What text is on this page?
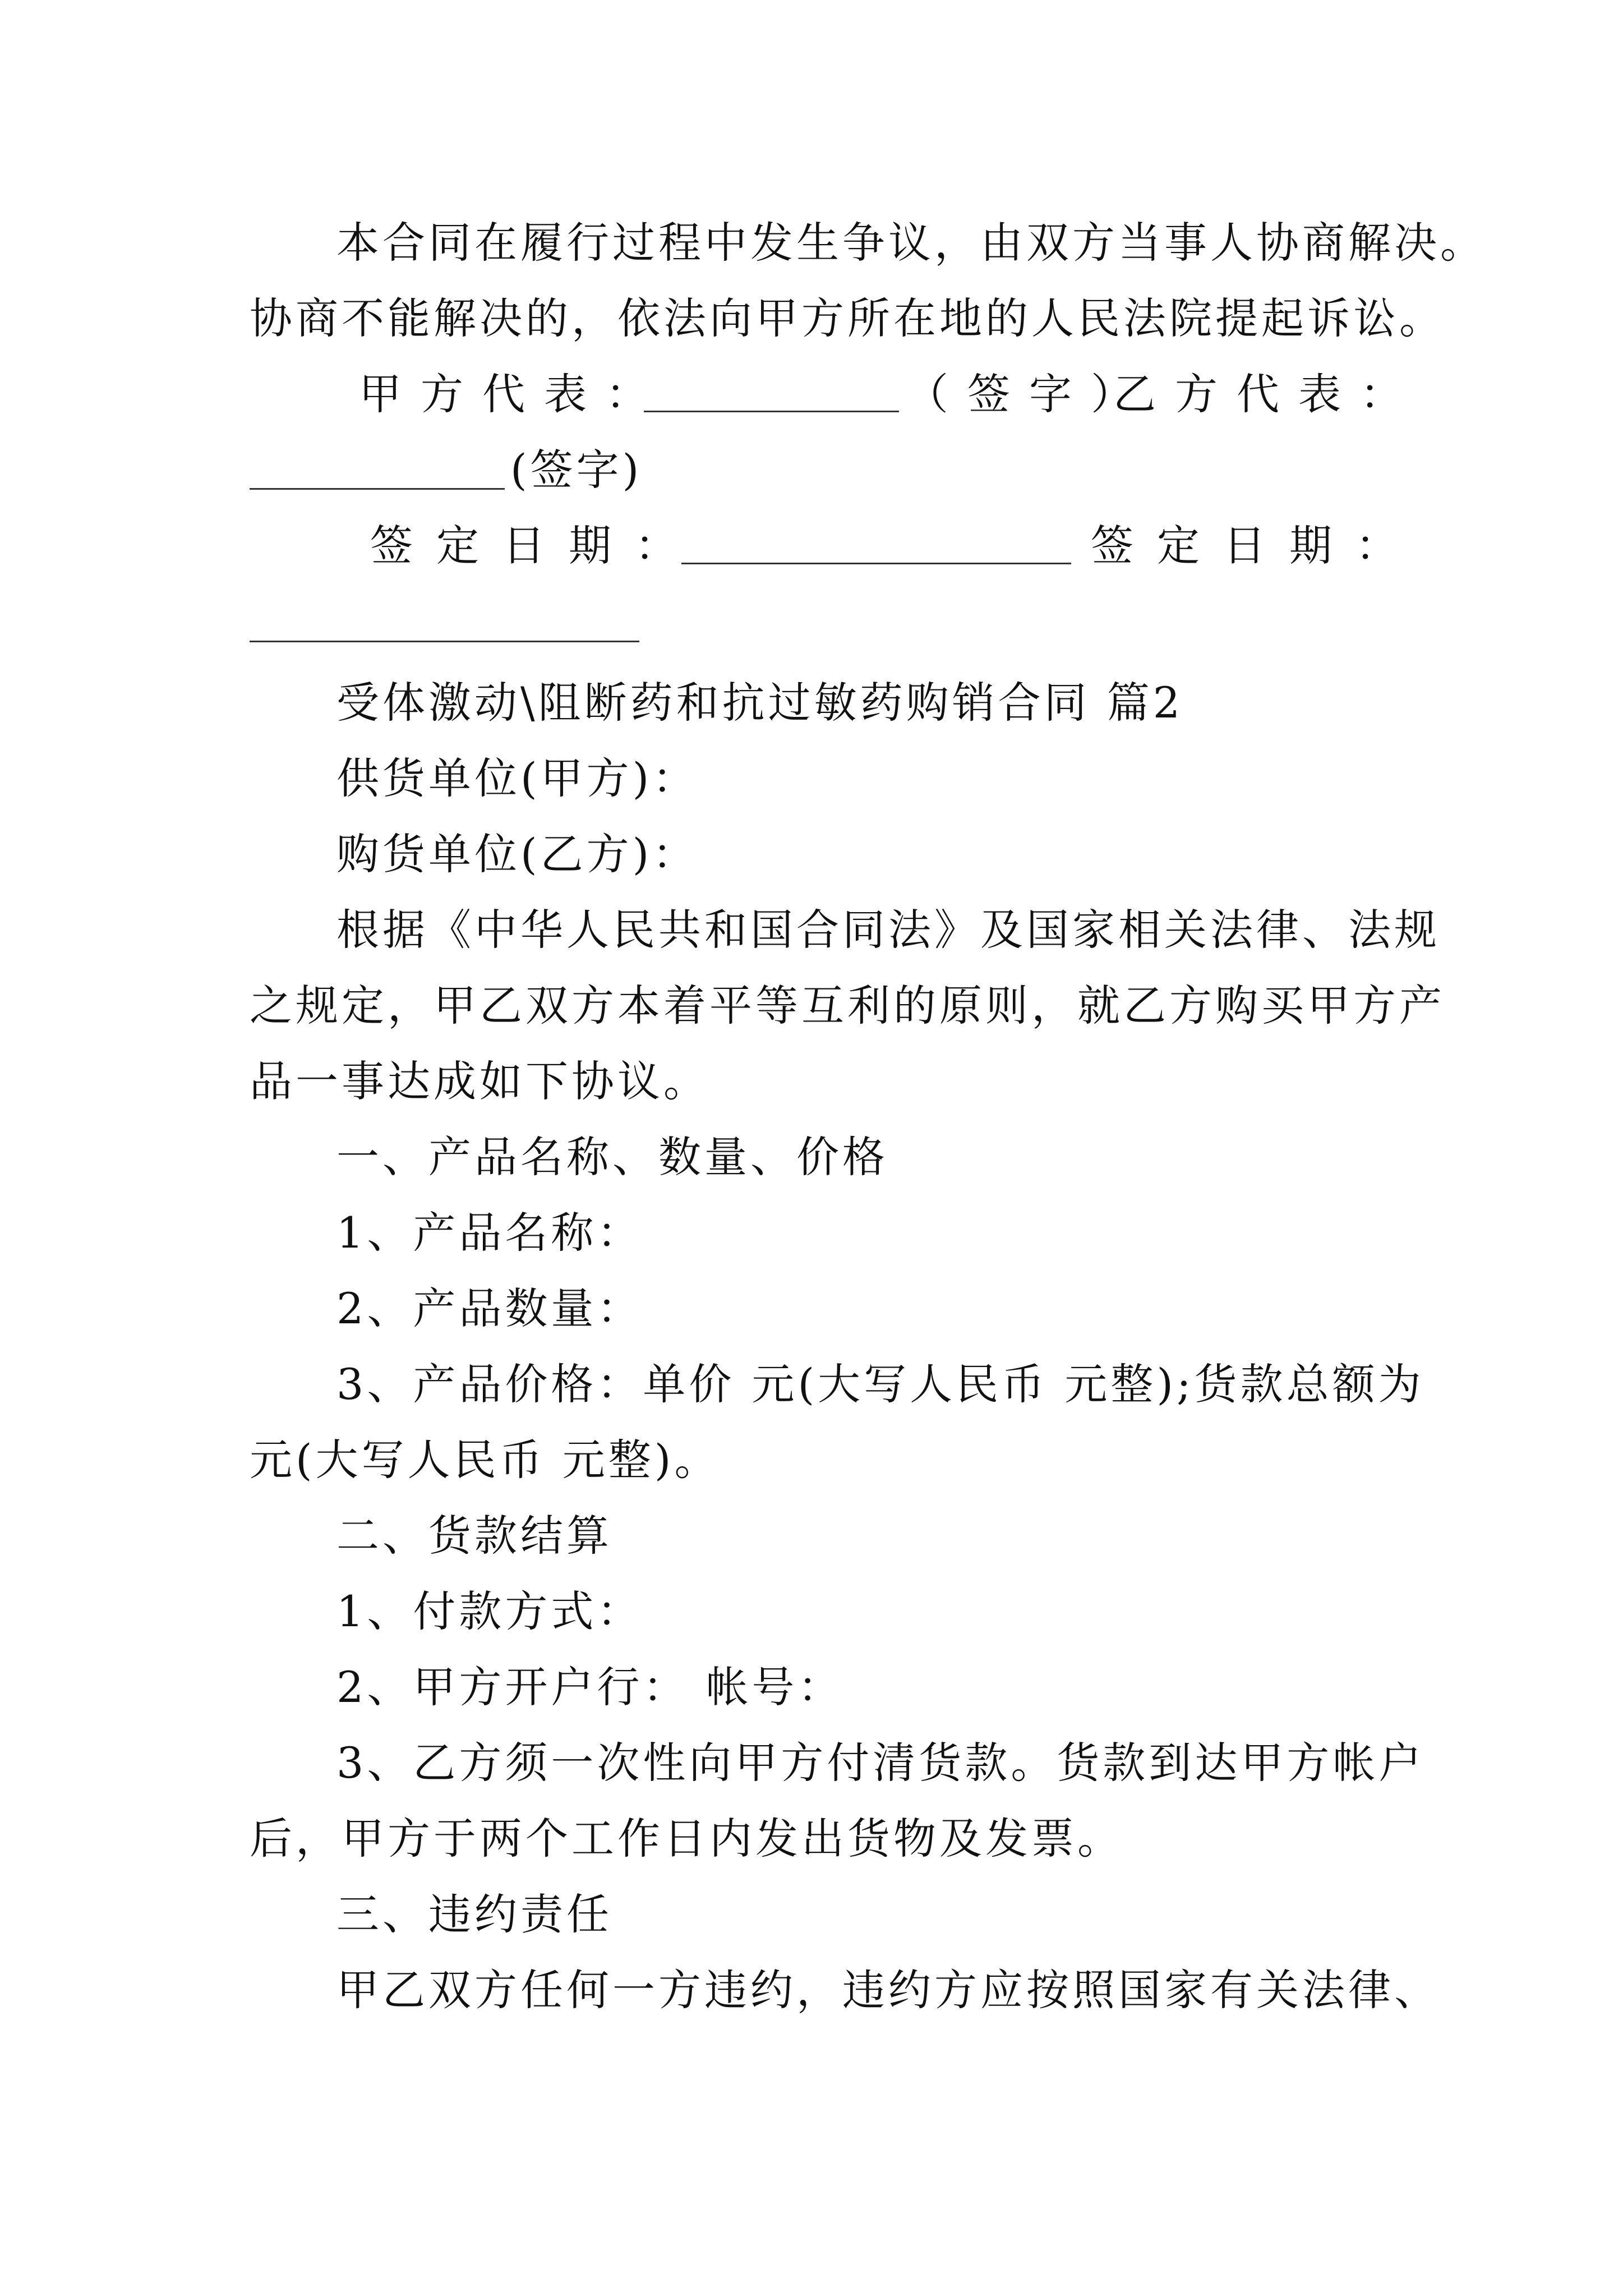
本合同在履行过程中发生争议，由双方当事人协商解决。
协商不能解决的，依法向甲方所在地的人民法院提起诉讼。
甲方代表：	（签字）
乙方代表：
(签字)
签定日期：	签定日期：
受体激动\阻断药和抗过敏药购销合同 篇2
供货单位(甲方)：
购货单位(乙方)：
根据《中华人民共和国合同法》及国家相关法律、法规
之规定，甲乙双方本着平等互利的原则，就乙方购买甲方产
品一事达成如下协议。
一、产品名称、数量、价格
1、产品名称：
2、产品数量：
3、产品价格：单价 元(大写人民币 元整);货款总额为
元(大写人民币 元整)。
二、货款结算
1、付款方式：
2、甲方开户行： 帐号：
3、乙方须一次性向甲方付清货款。货款到达甲方帐户
后，甲方于两个工作日内发出货物及发票。
三、违约责任
甲乙双方任何一方违约，违约方应按照国家有关法律、
